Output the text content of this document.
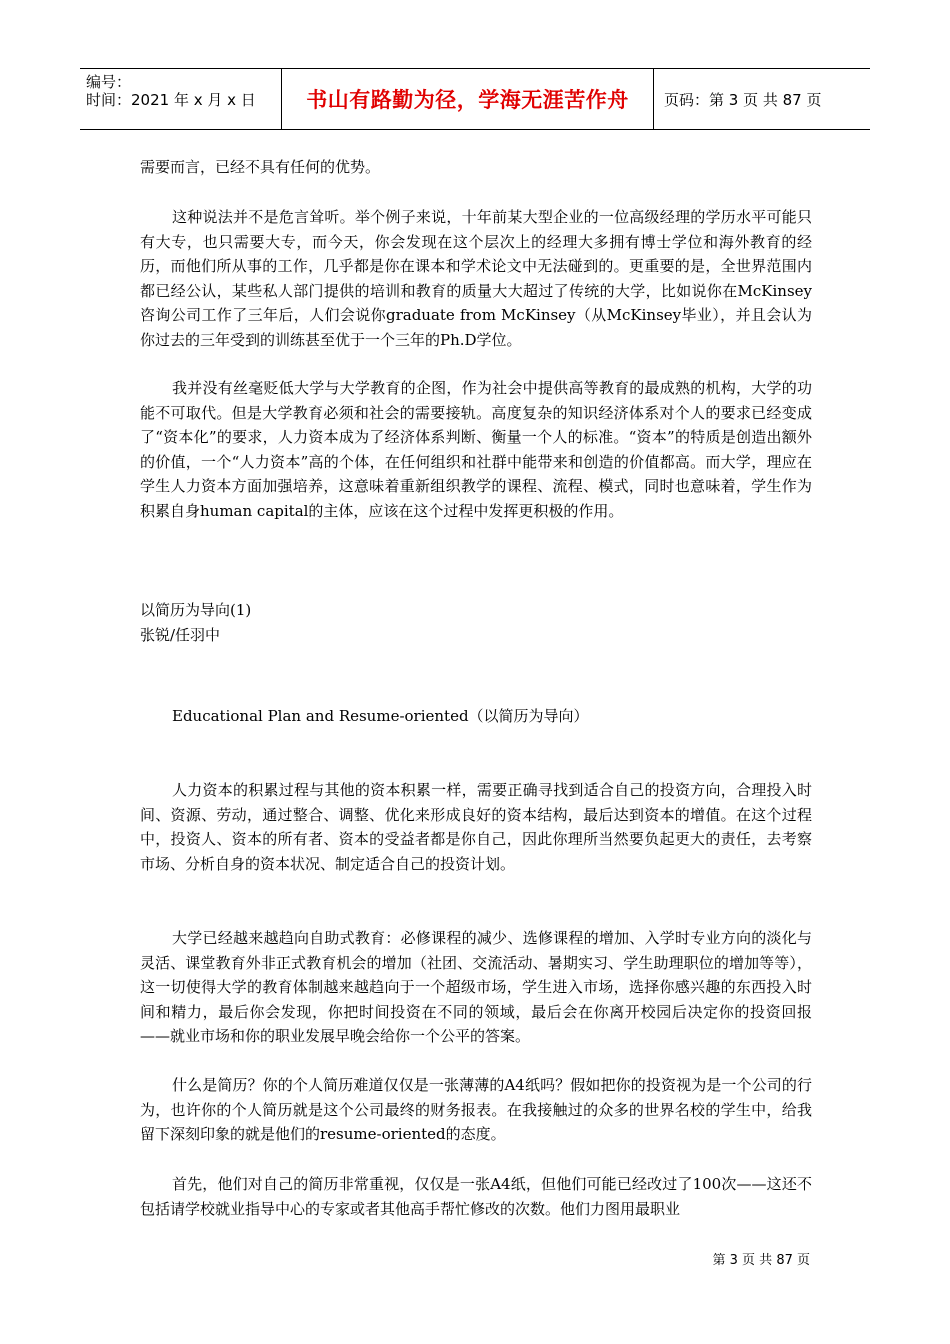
编号：
时间：2021 年 x 月 x 日	书山有路勤为径，学海无涯苦作舟 页码：第 3 页 共 87 页

需要而言，已经不具有任何的优势。

这种说法并不是危言耸听。举个例子来说，十年前某大型企业的一位高级经理的学历水平可能只有大专，也只需要大专，而今天，你会发现在这个层次上的经理大多拥有博士学位和海外教育的经历，而他们所从事的工作，几乎都是你在课本和学术论文中无法碰到的。更重要的是，全世界范围内都已经公认，某些私人部门提供的培训和教育的质量大大超过了传统的大学，比如说你在McKinsey咨询公司工作了三年后，人们会说你graduate from McKinsey（从McKinsey毕业），并且会认为你过去的三年受到的训练甚至优于一个三年的Ph.D学位。

我并没有丝毫贬低大学与大学教育的企图，作为社会中提供高等教育的最成熟的机构，大学的功能不可取代。但是大学教育必须和社会的需要接轨。高度复杂的知识经济体系对个人的要求已经变成了“资本化”的要求，人力资本成为了经济体系判断、衡量一个人的标准。“资本”的特质是创造出额外的价值，一个“人力资本”高的个体，在任何组织和社群中能带来和创造的价值都高。而大学，理应在学生人力资本方面加强培养，这意味着重新组织教学的课程、流程、模式，同时也意味着，学生作为积累自身human capital的主体，应该在这个过程中发挥更积极的作用。

以简历为导向(1)

张锐/任羽中

Educational Plan and Resume-oriented（以简历为导向）

人力资本的积累过程与其他的资本积累一样，需要正确寻找到适合自己的投资方向，合理投入时间、资源、劳动，通过整合、调整、优化来形成良好的资本结构，最后达到资本的增值。在这个过程中，投资人、资本的所有者、资本的受益者都是你自己，因此你理所当然要负起更大的责任，去考察市场、分析自身的资本状况、制定适合自己的投资计划。

大学已经越来越趋向自助式教育：必修课程的减少、选修课程的增加、入学时专业方向的淡化与灵活、课堂教育外非正式教育机会的增加（社团、交流活动、暑期实习、学生助理职位的增加等等），这一切使得大学的教育体制越来越趋向于一个超级市场，学生进入市场，选择你感兴趣的东西投入时间和精力，最后你会发现，你把时间投资在不同的领域，最后会在你离开校园后决定你的投资回报——就业市场和你的职业发展早晚会给你一个公平的答案。

什么是简历？你的个人简历难道仅仅是一张薄薄的A4纸吗？假如把你的投资视为是一个公司的行为，也许你的个人简历就是这个公司最终的财务报表。在我接触过的众多的世界名校的学生中，给我留下深刻印象的就是他们的resume-oriented的态度。

首先，他们对自己的简历非常重视，仅仅是一张A4纸，但他们可能已经改过了100次——这还不包括请学校就业指导中心的专家或者其他高手帮忙修改的次数。他们力图用最职业

第 3 页 共 87 页
